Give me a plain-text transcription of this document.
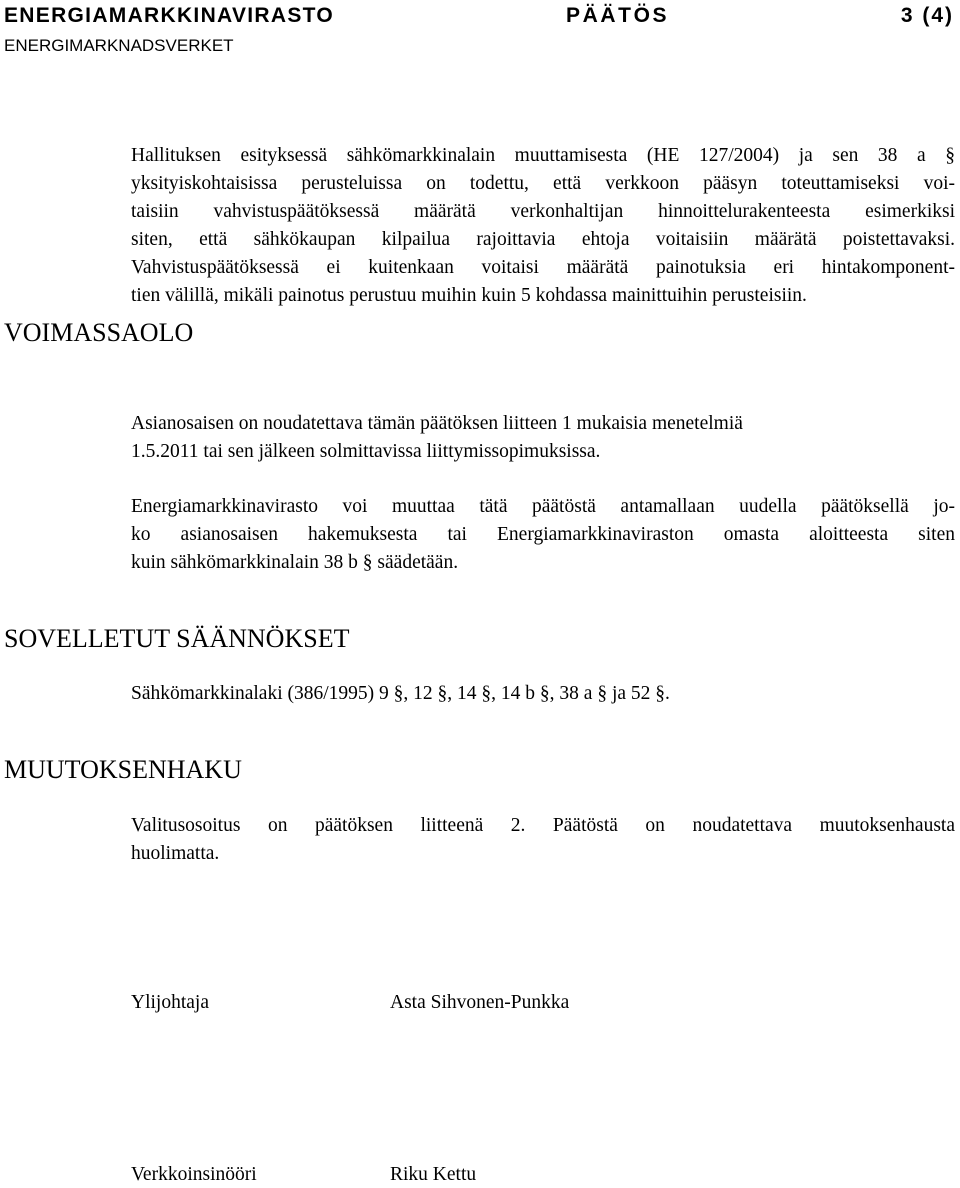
ENERGIAMARKKINAVIRASTO	PÄÄTÖS	3 (4)
ENERGIMARKNADSVERKET
Hallituksen esityksessä sähkömarkkinalain muuttamisesta (HE 127/2004) ja sen 38 a §
yksityiskohtaisissa perusteluissa on todettu, että verkkoon pääsyn toteuttamiseksi voi-
taisiin vahvistuspäätöksessä määrätä verkonhaltijan hinnoittelurakenteesta esimerkiksi
siten, että sähkökaupan kilpailua rajoittavia ehtoja voitaisiin määrätä poistettavaksi.
Vahvistuspäätöksessä ei kuitenkaan voitaisi määrätä painotuksia eri hintakomponent-
tien välillä, mikäli painotus perustuu muihin kuin 5 kohdassa mainittuihin perusteisiin.
VOIMASSAOLO
Asianosaisen on noudatettava tämän päätöksen liitteen 1 mukaisia menetelmiä
1.5.2011 tai sen jälkeen solmittavissa liittymissopimuksissa.
Energiamarkkinavirasto voi muuttaa tätä päätöstä antamallaan uudella päätöksellä jo-
ko asianosaisen hakemuksesta tai Energiamarkkinaviraston omasta aloitteesta siten
kuin sähkömarkkinalain 38 b § säädetään.
SOVELLETUT SÄÄNNÖKSET
Sähkömarkkinalaki (386/1995) 9 §, 12 §, 14 §, 14 b §, 38 a § ja 52 §.
MUUTOKSENHAKU
Valitusosoitus on päätöksen liitteenä 2. Päätöstä on noudatettava muutoksenhausta
huolimatta.
Ylijohtaja	Asta Sihvonen-Punkka
Verkkoinsinööri	Riku Kettu
